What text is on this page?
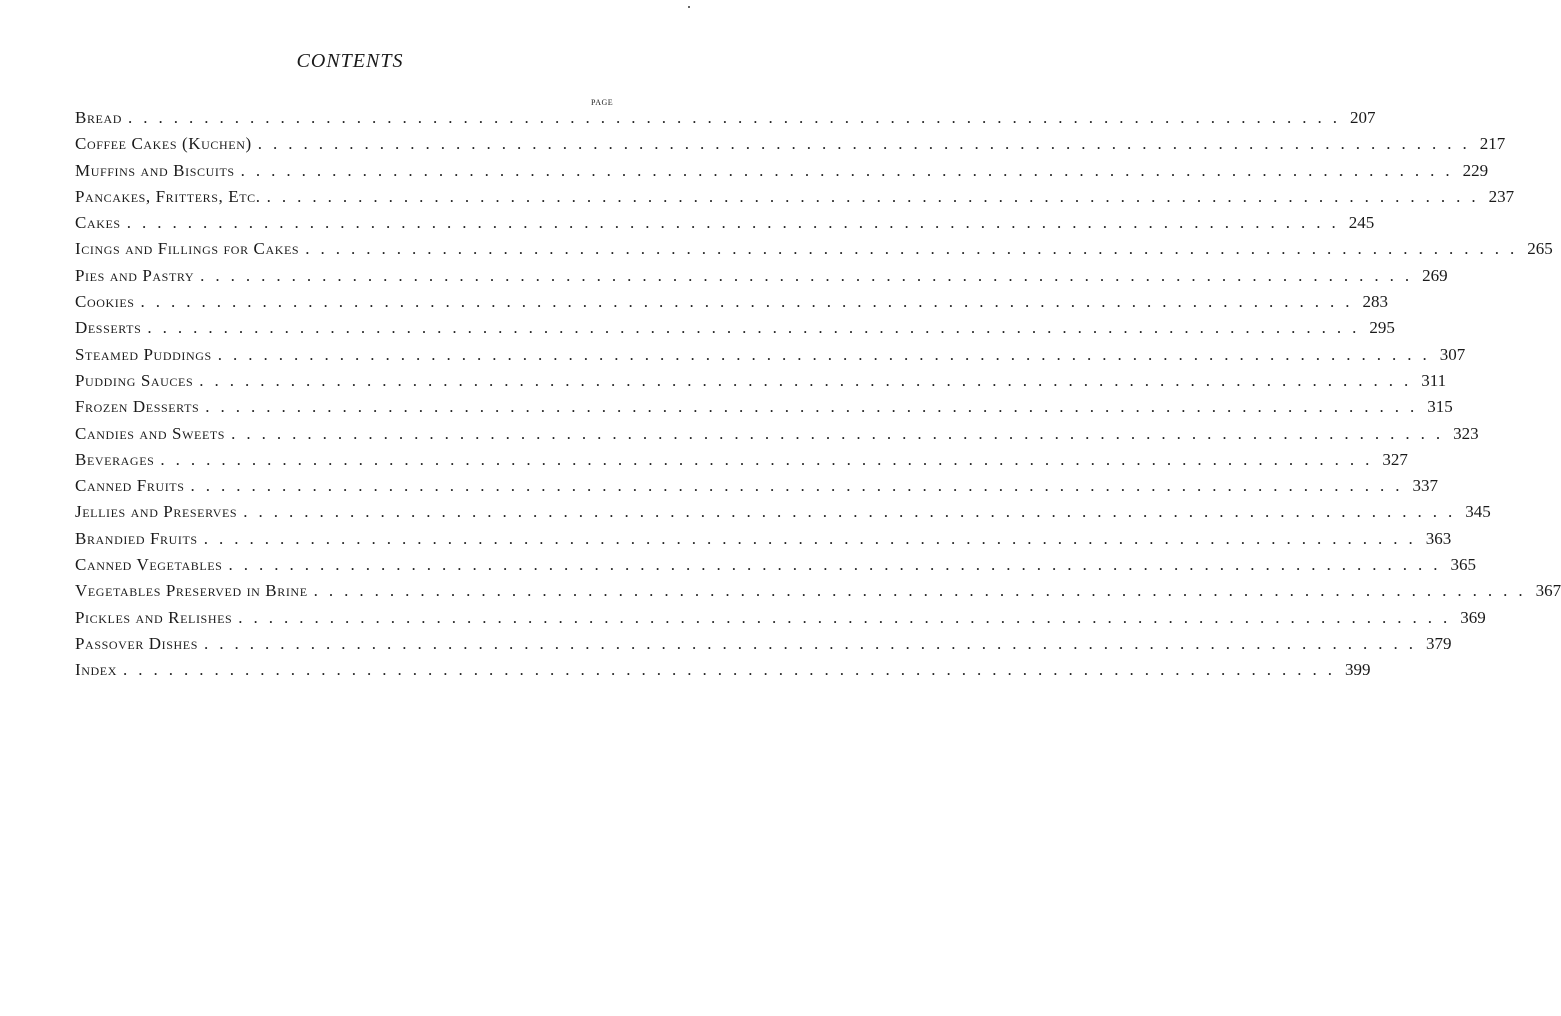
CONTENTS
PAGE
Bread ................................................................................ 207
Coffee Cakes (Kuchen) ................................................................................ 217
Muffins and Biscuits ................................................................................ 229
Pancakes, Fritters, Etc. ................................................................................ 237
Cakes ................................................................................ 245
Icings and Fillings for Cakes ................................................................................ 265
Pies and Pastry ................................................................................ 269
Cookies ................................................................................ 283
Desserts ................................................................................ 295
Steamed Puddings ................................................................................ 307
Pudding Sauces ................................................................................ 311
Frozen Desserts ................................................................................ 315
Candies and Sweets ................................................................................ 323
Beverages ................................................................................ 327
Canned Fruits ................................................................................ 337
Jellies and Preserves ................................................................................ 345
Brandied Fruits ................................................................................ 363
Canned Vegetables ................................................................................ 365
Vegetables Preserved in Brine ................................................................................ 367
Pickles and Relishes ................................................................................ 369
Passover Dishes ................................................................................ 379
Index ................................................................................ 399
